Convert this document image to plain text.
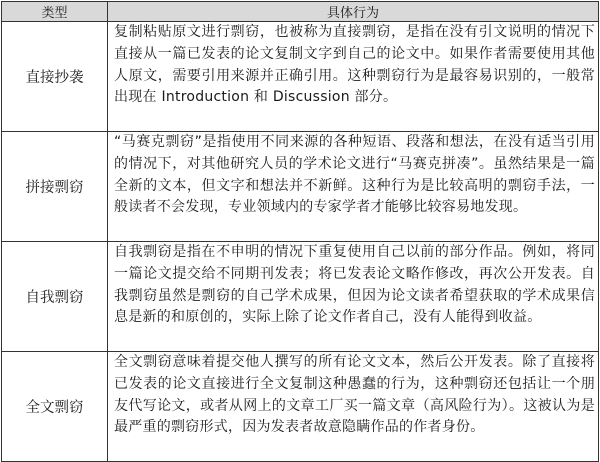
类型	具体行为
直接抄袭	复制粘贴原文进行剽窃，也被称为直接剽窃，是指在没有引文说明的情况下直接从一篇已发表的论文复制文字到自己的论文中。如果作者需要使用其他人原文，需要引用来源并正确引用。这种剽窃行为是最容易识别的，一般常出现在 Introduction 和 Discussion 部分。
拼接剽窃	“马赛克剽窃”是指使用不同来源的各种短语、段落和想法，在没有适当引用的情况下，对其他研究人员的学术论文进行“马赛克拼凑”。虽然结果是一篇全新的文本，但文字和想法并不新鲜。这种行为是比较高明的剽窃手法，一般读者不会发现，专业领域内的专家学者才能够比较容易地发现。
自我剽窃	自我剽窃是指在不申明的情况下重复使用自己以前的部分作品。例如，将同一篇论文提交给不同期刊发表；将已发表论文略作修改，再次公开发表。自我剽窃虽然是剽窃的自己学术成果，但因为论文读者希望获取的学术成果信息是新的和原创的，实际上除了论文作者自己，没有人能得到收益。
全文剽窃	全文剽窃意味着提交他人撰写的所有论文文本，然后公开发表。除了直接将已发表的论文直接进行全文复制这种愚蠢的行为，这种剽窃还包括让一个朋友代写论文，或者从网上的文章工厂买一篇文章（高风险行为）。这被认为是最严重的剽窃形式，因为发表者故意隐瞒作品的作者身份。
